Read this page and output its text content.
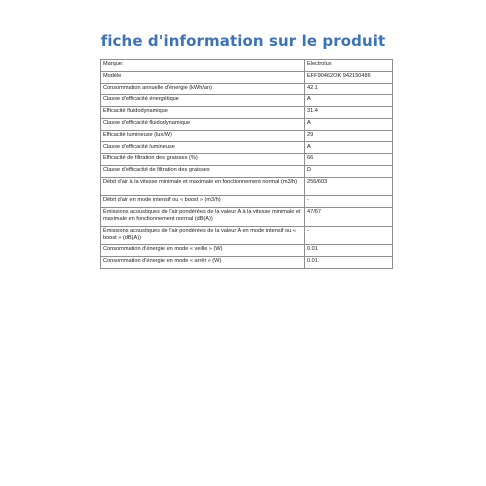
fiche d'information sur le produit
Marque:	Electrolux
Modèle	EFF90462OK 942150486
Consommation annuelle d'énergie (kWh/an)	42.1
Classe d'efficacité énergétique	A
Efficacité fluidodynamique	31.4
Classe d'efficacité fluidodynamique	A
Efficacité lumineuse (lux/W)	29
Classe d'efficacité lumineuse	A
Efficacité de filtration des graisses (%)	66
Classe d'efficacité de filtration des graisses	D
Débit d'air à la vitesse minimale et maximale en fonctionnement normal (m3/h)	256/603
Débit d'air en mode intensif ou « boost » (m3/h)	-
Émissions acoustiques de l'air pondérées de la valeur A à la vitesse minimale et maximale en fonctionnement normal (dB(A))	47/67
Émissions acoustiques de l'air pondérées de la valeur A en mode intensif ou « boost » (dB(A))	-
Consommation d'énergie en mode « veille » (W)	0.01
Consommation d'énergie en mode « arrêt » (W)	0.01
